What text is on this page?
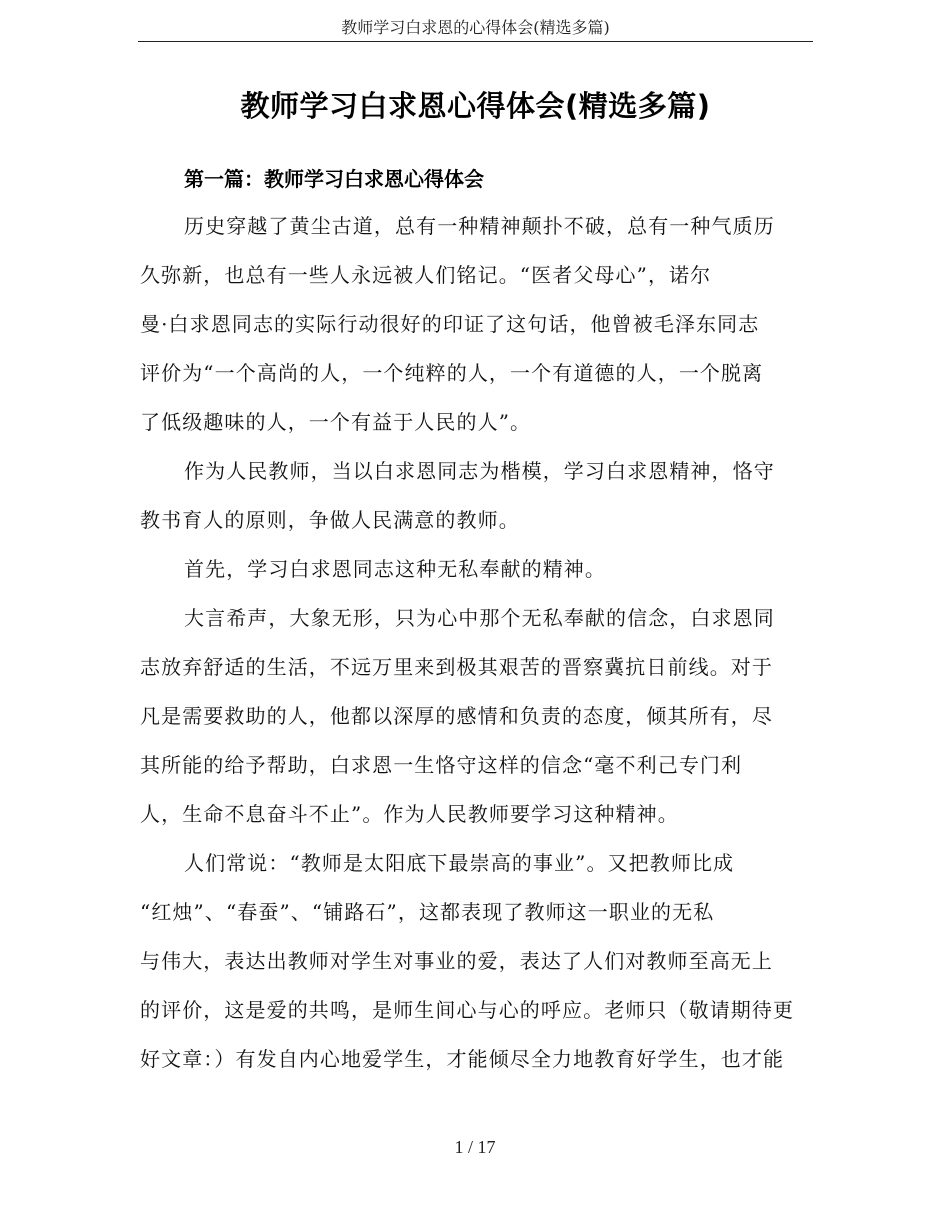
教师学习白求恩的心得体会(精选多篇)
教师学习白求恩心得体会(精选多篇)
第一篇：教师学习白求恩心得体会
历史穿越了黄尘古道，总有一种精神颠扑不破，总有一种气质历
久弥新，也总有一些人永远被人们铭记。“医者父母心”，诺尔
曼·白求恩同志的实际行动很好的印证了这句话，他曾被毛泽东同志
评价为“一个高尚的人，一个纯粹的人，一个有道德的人，一个脱离
了低级趣味的人，一个有益于人民的人”。
作为人民教师，当以白求恩同志为楷模，学习白求恩精神，恪守
教书育人的原则，争做人民满意的教师。
首先，学习白求恩同志这种无私奉献的精神。
大言希声，大象无形，只为心中那个无私奉献的信念，白求恩同
志放弃舒适的生活，不远万里来到极其艰苦的晋察冀抗日前线。对于
凡是需要救助的人，他都以深厚的感情和负责的态度，倾其所有，尽
其所能的给予帮助，白求恩一生恪守这样的信念“毫不利己专门利
人，生命不息奋斗不止”。作为人民教师要学习这种精神。
人们常说：“教师是太阳底下最崇高的事业”。又把教师比成
“红烛”、“春蚕”、“铺路石”，这都表现了教师这一职业的无私
与伟大，表达出教师对学生对事业的爱，表达了人们对教师至高无上
的评价，这是爱的共鸣，是师生间心与心的呼应。老师只（敬请期待更
好文章：）有发自内心地爱学生，才能倾尽全力地教育好学生，也才能
1 / 17
